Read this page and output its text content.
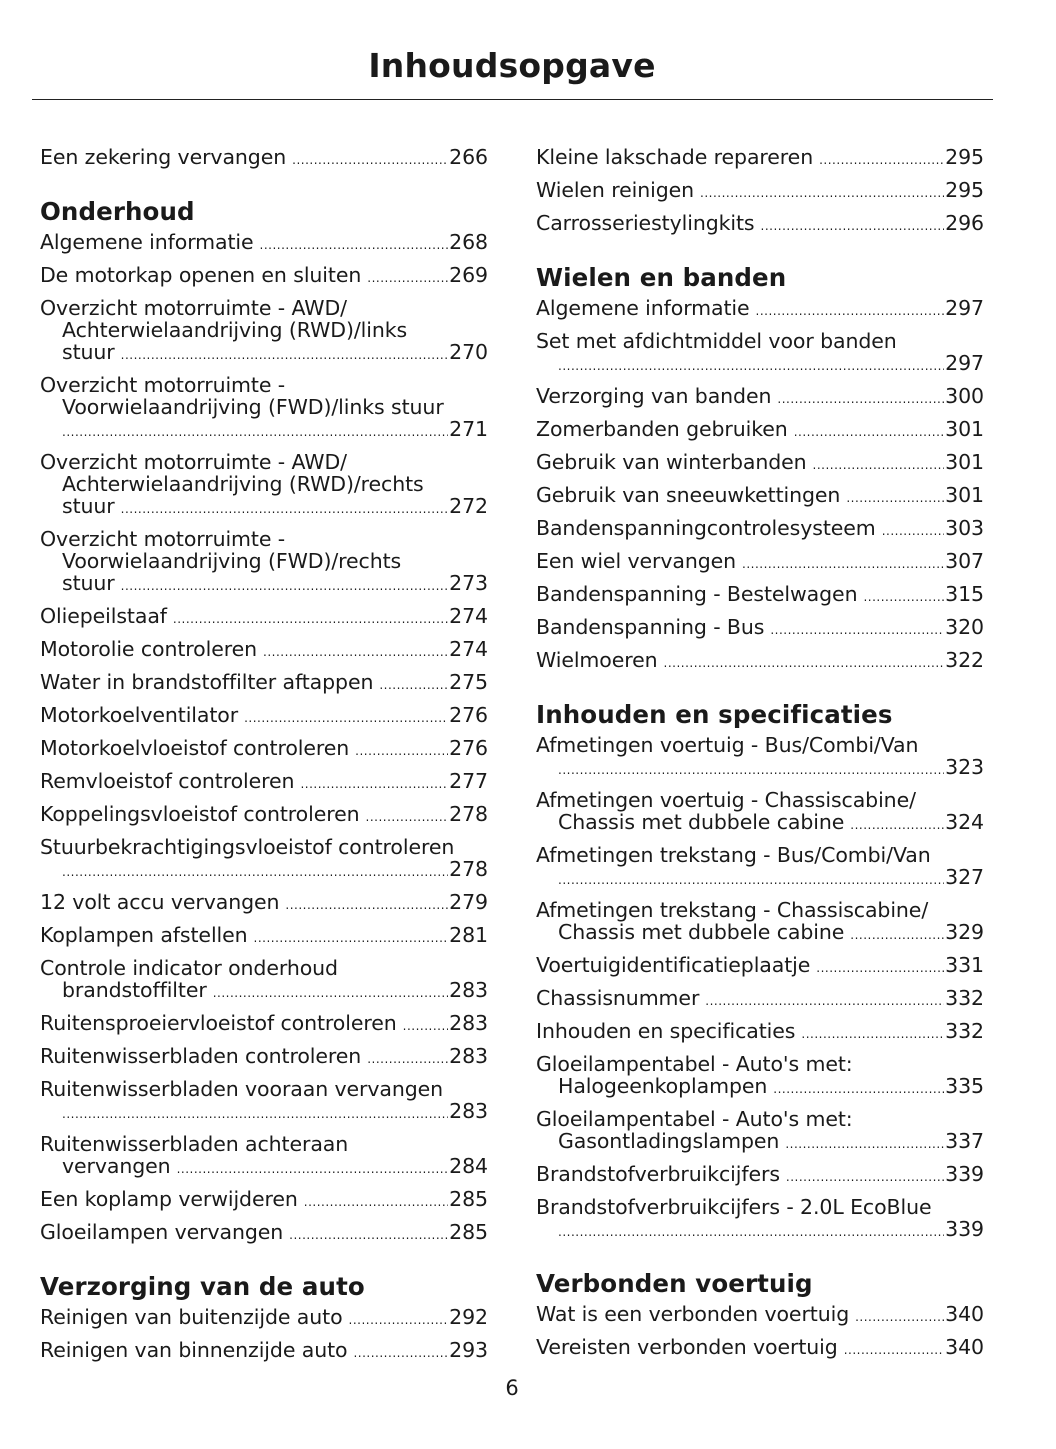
Inhoudsopgave
Een zekering vervangen .....	266
Onderhoud
Algemene informatie .....	268
De motorkap openen en sluiten .....	269
Overzicht motorruimte - AWD/
Achterwielaandrijving (RWD)/links
stuur .....	270
Overzicht motorruimte -
Voorwielaandrijving (FWD)/links stuur
.....
271
Overzicht motorruimte - AWD/
Achterwielaandrijving (RWD)/rechts
stuur .....	272
Overzicht motorruimte -
Voorwielaandrijving (FWD)/rechts
stuur .....	273
Oliepeilstaaf .....	274
Motorolie controleren .....	274
Water in brandstoffilter aftappen .....	275
Motorkoelventilator .....	276
Motorkoelvloeistof controleren .....	276
Remvloeistof controleren .....	277
Koppelingsvloeistof controleren .....	278
Stuurbekrachtigingsvloeistof controleren
.....
278
12 volt accu vervangen .....	279
Koplampen afstellen .....	281
Controle indicator onderhoud
brandstoffilter .....	283
Ruitensproeiervloeistof controleren .....	283
Ruitenwisserbladen controleren .....	283
Ruitenwisserbladen vooraan vervangen
.....
283
Ruitenwisserbladen achteraan
vervangen .....	284
Een koplamp verwijderen .....	285
Gloeilampen vervangen .....	285
Verzorging van de auto
Reinigen van buitenzijde auto .....	292
Reinigen van binnenzijde auto .....	293
Kleine lakschade repareren .....	295
Wielen reinigen .....	295
Carrosseriestylingkits .....	296
Wielen en banden
Algemene informatie .....	297
Set met afdichtmiddel voor banden
.....
297
Verzorging van banden .....	300
Zomerbanden gebruiken .....	301
Gebruik van winterbanden .....	301
Gebruik van sneeuwkettingen .....	301
Bandenspanningcontrolesysteem .....	303
Een wiel vervangen .....	307
Bandenspanning - Bestelwagen .....	315
Bandenspanning - Bus .....	320
Wielmoeren .....	322
Inhouden en specificaties
Afmetingen voertuig - Bus/Combi/Van
.....
323
Afmetingen voertuig - Chassiscabine/
Chassis met dubbele cabine .....	324
Afmetingen trekstang - Bus/Combi/Van
.....
327
Afmetingen trekstang - Chassiscabine/
Chassis met dubbele cabine .....	329
Voertuigidentificatieplaatje .....	331
Chassisnummer .....	332
Inhouden en specificaties .....	332
Gloeilampentabel - Auto's met:
Halogeenkoplampen .....	335
Gloeilampentabel - Auto's met:
Gasontladingslampen .....	337
Brandstofverbruikcijfers .....	339
Brandstofverbruikcijfers - 2.0L EcoBlue
.....
339
Verbonden voertuig
Wat is een verbonden voertuig .....	340
Vereisten verbonden voertuig .....	340
6
